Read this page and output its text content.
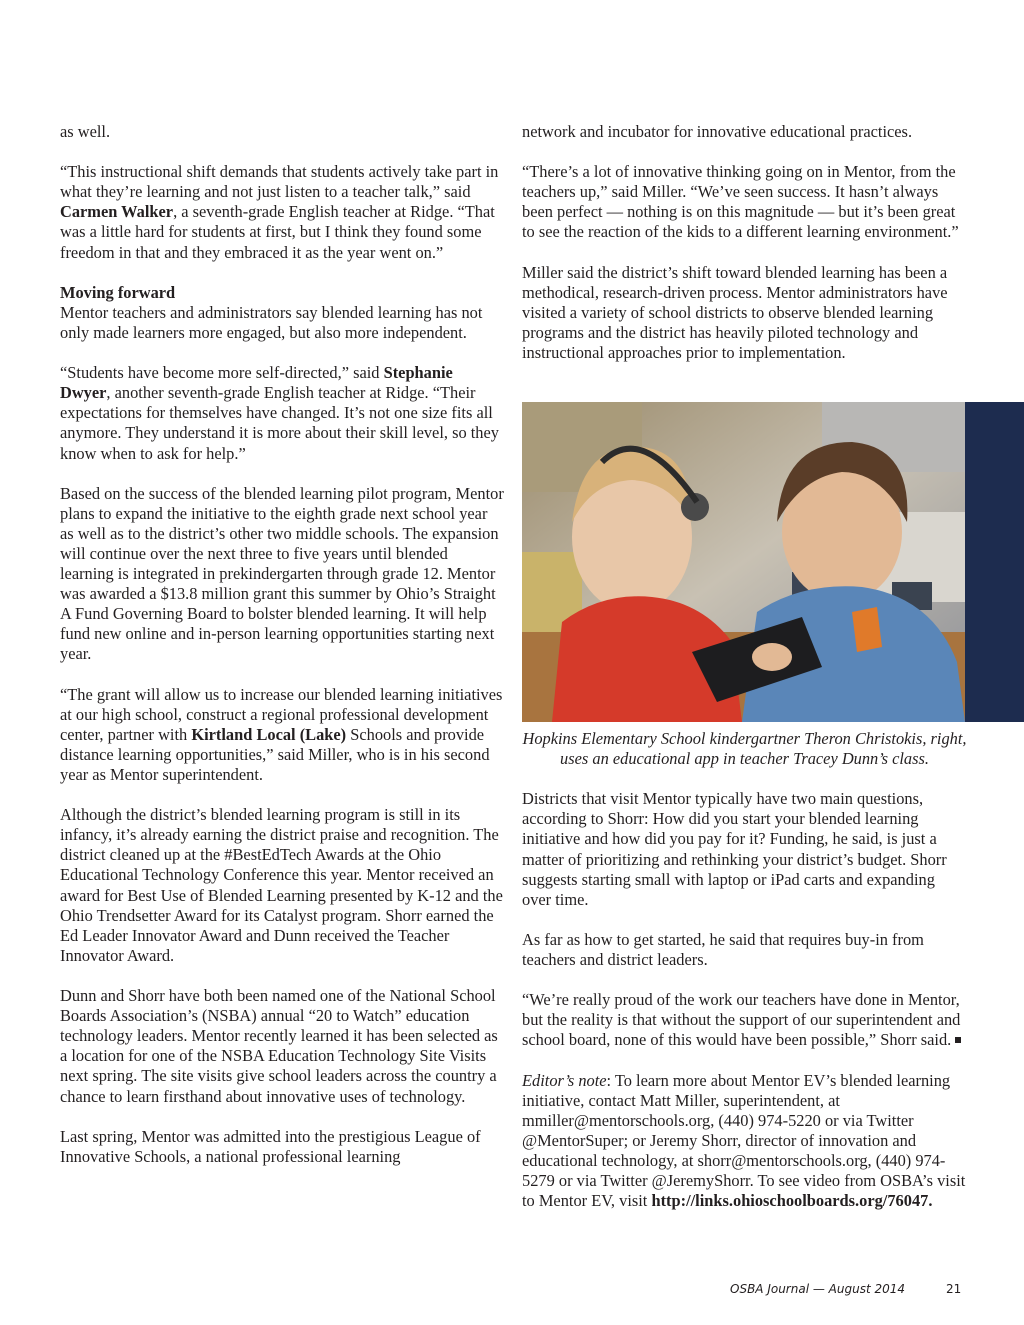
as well.

“This instructional shift demands that students actively take part in what they’re learning and not just listen to a teacher talk,” said Carmen Walker, a seventh-grade English teacher at Ridge. “That was a little hard for students at first, but I think they found some freedom in that and they embraced it as the year went on.”

Moving forward
Mentor teachers and administrators say blended learning has not only made learners more engaged, but also more independent.

“Students have become more self-directed,” said Stephanie Dwyer, another seventh-grade English teacher at Ridge. “Their expectations for themselves have changed. It’s not one size fits all anymore. They understand it is more about their skill level, so they know when to ask for help.”

Based on the success of the blended learning pilot program, Mentor plans to expand the initiative to the eighth grade next school year as well as to the district’s other two middle schools. The expansion will continue over the next three to five years until blended learning is integrated in prekindergarten through grade 12. Mentor was awarded a $13.8 million grant this summer by Ohio’s Straight A Fund Governing Board to bolster blended learning. It will help fund new online and in-person learning opportunities starting next year.

“The grant will allow us to increase our blended learning initiatives at our high school, construct a regional professional development center, partner with Kirtland Local (Lake) Schools and provide distance learning opportunities,” said Miller, who is in his second year as Mentor superintendent.

Although the district’s blended learning program is still in its infancy, it’s already earning the district praise and recognition. The district cleaned up at the #BestEdTech Awards at the Ohio Educational Technology Conference this year. Mentor received an award for Best Use of Blended Learning presented by K-12 and the Ohio Trendsetter Award for its Catalyst program. Shorr earned the Ed Leader Innovator Award and Dunn received the Teacher Innovator Award.

Dunn and Shorr have both been named one of the National School Boards Association’s (NSBA) annual “20 to Watch” education technology leaders. Mentor recently learned it has been selected as a location for one of the NSBA Education Technology Site Visits next spring. The site visits give school leaders across the country a chance to learn firsthand about innovative uses of technology.

Last spring, Mentor was admitted into the prestigious League of Innovative Schools, a national professional learning

network and incubator for innovative educational practices.

“There’s a lot of innovative thinking going on in Mentor, from the teachers up,” said Miller. “We’ve seen success. It hasn’t always been perfect — nothing is on this magnitude — but it’s been great to see the reaction of the kids to a different learning environment.”

Miller said the district’s shift toward blended learning has been a methodical, research-driven process. Mentor administrators have visited a variety of school districts to observe blended learning programs and the district has heavily piloted technology and instructional approaches prior to implementation.

Hopkins Elementary School kindergartner Theron Christokis, right, uses an educational app in teacher Tracey Dunn’s class.

Districts that visit Mentor typically have two main questions, according to Shorr: How did you start your blended learning initiative and how did you pay for it? Funding, he said, is just a matter of prioritizing and rethinking your district’s budget. Shorr suggests starting small with laptop or iPad carts and expanding over time.

As far as how to get started, he said that requires buy-in from teachers and district leaders.

“We’re really proud of the work our teachers have done in Mentor, but the reality is that without the support of our superintendent and school board, none of this would have been possible,” Shorr said.

Editor’s note: To learn more about Mentor EV’s blended learning initiative, contact Matt Miller, superintendent, at mmiller@mentorschools.org, (440) 974-5220 or via Twitter @MentorSuper; or Jeremy Shorr, director of innovation and educational technology, at shorr@mentorschools.org, (440) 974-5279 or via Twitter @JeremyShorr. To see video from OSBA’s visit to Mentor EV, visit http://links.ohioschoolboards.org/76047.

OSBA Journal — August 2014	21
